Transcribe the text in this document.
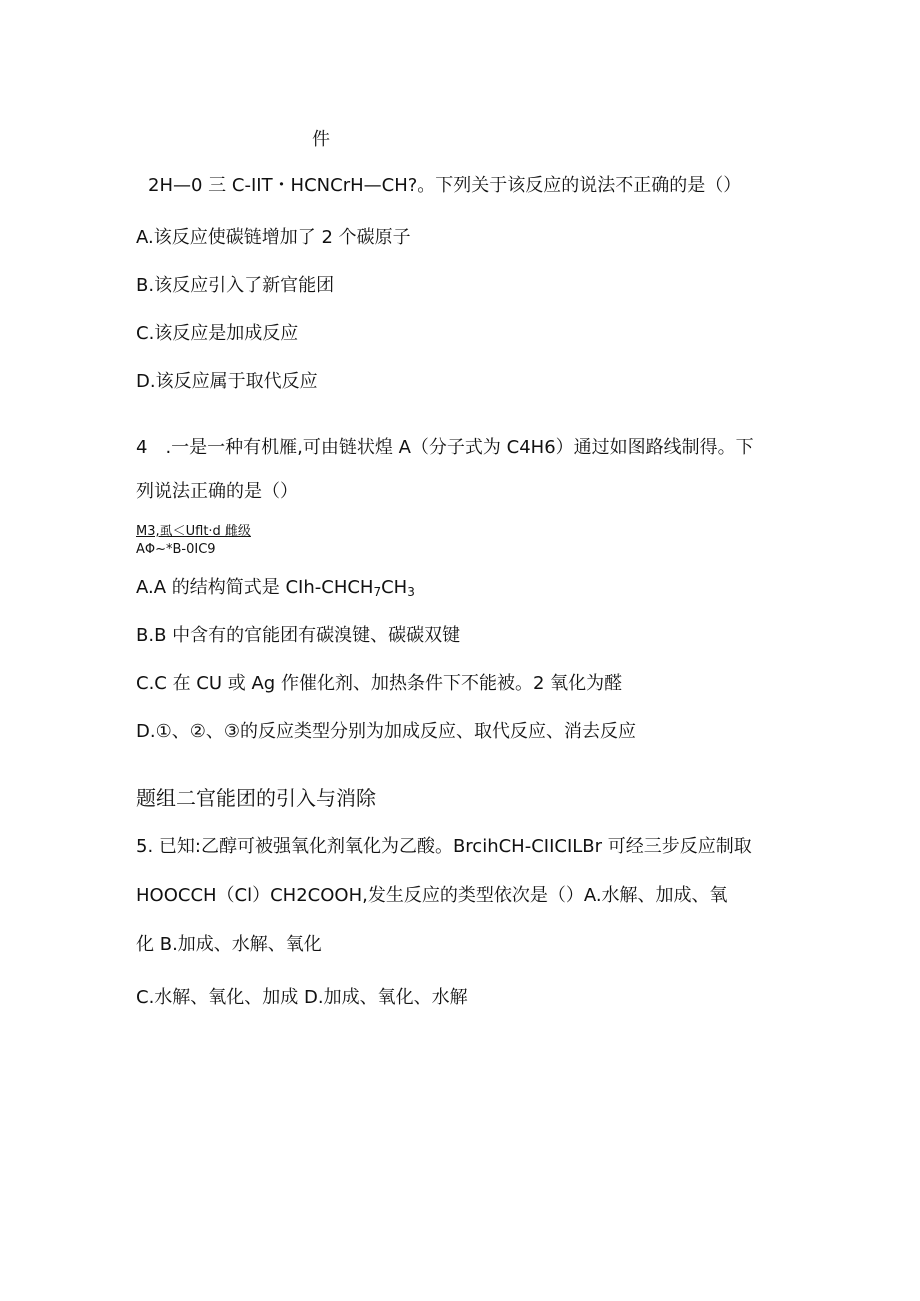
件
2H—0 三 C-IIT・HCNCrH—CH?。下列关于该反应的说法不正确的是（）
A.该反应使碳链增加了 2 个碳原子
B.该反应引入了新官能团
C.该反应是加成反应
D.该反应属于取代反应
4　.一是一种有机雁,可由链状煌 A（分子式为 C4H6）通过如图路线制得。下
列说法正确的是（）
M3,虱＜Uflt·d 雌级
AΦ~*B-0IC9
A.A 的结构简式是 CIh-$CHCH_7CH_3$
B.B 中含有的官能团有碳溴键、碳碳双键
C.C 在 CU 或 Ag 作催化剂、加热条件下不能被。2 氧化为醛
D.①、②、③的反应类型分别为加成反应、取代反应、消去反应
题组二官能团的引入与消除
5. 已知:乙醇可被强氧化剂氧化为乙酸。BrcihCH-CIICILBr 可经三步反应制取
HOOCCH（Cl）CH2COOH,发生反应的类型依次是（）A.水解、加成、氧
化 B.加成、水解、氧化
C.水解、氧化、加成 D.加成、氧化、水解
